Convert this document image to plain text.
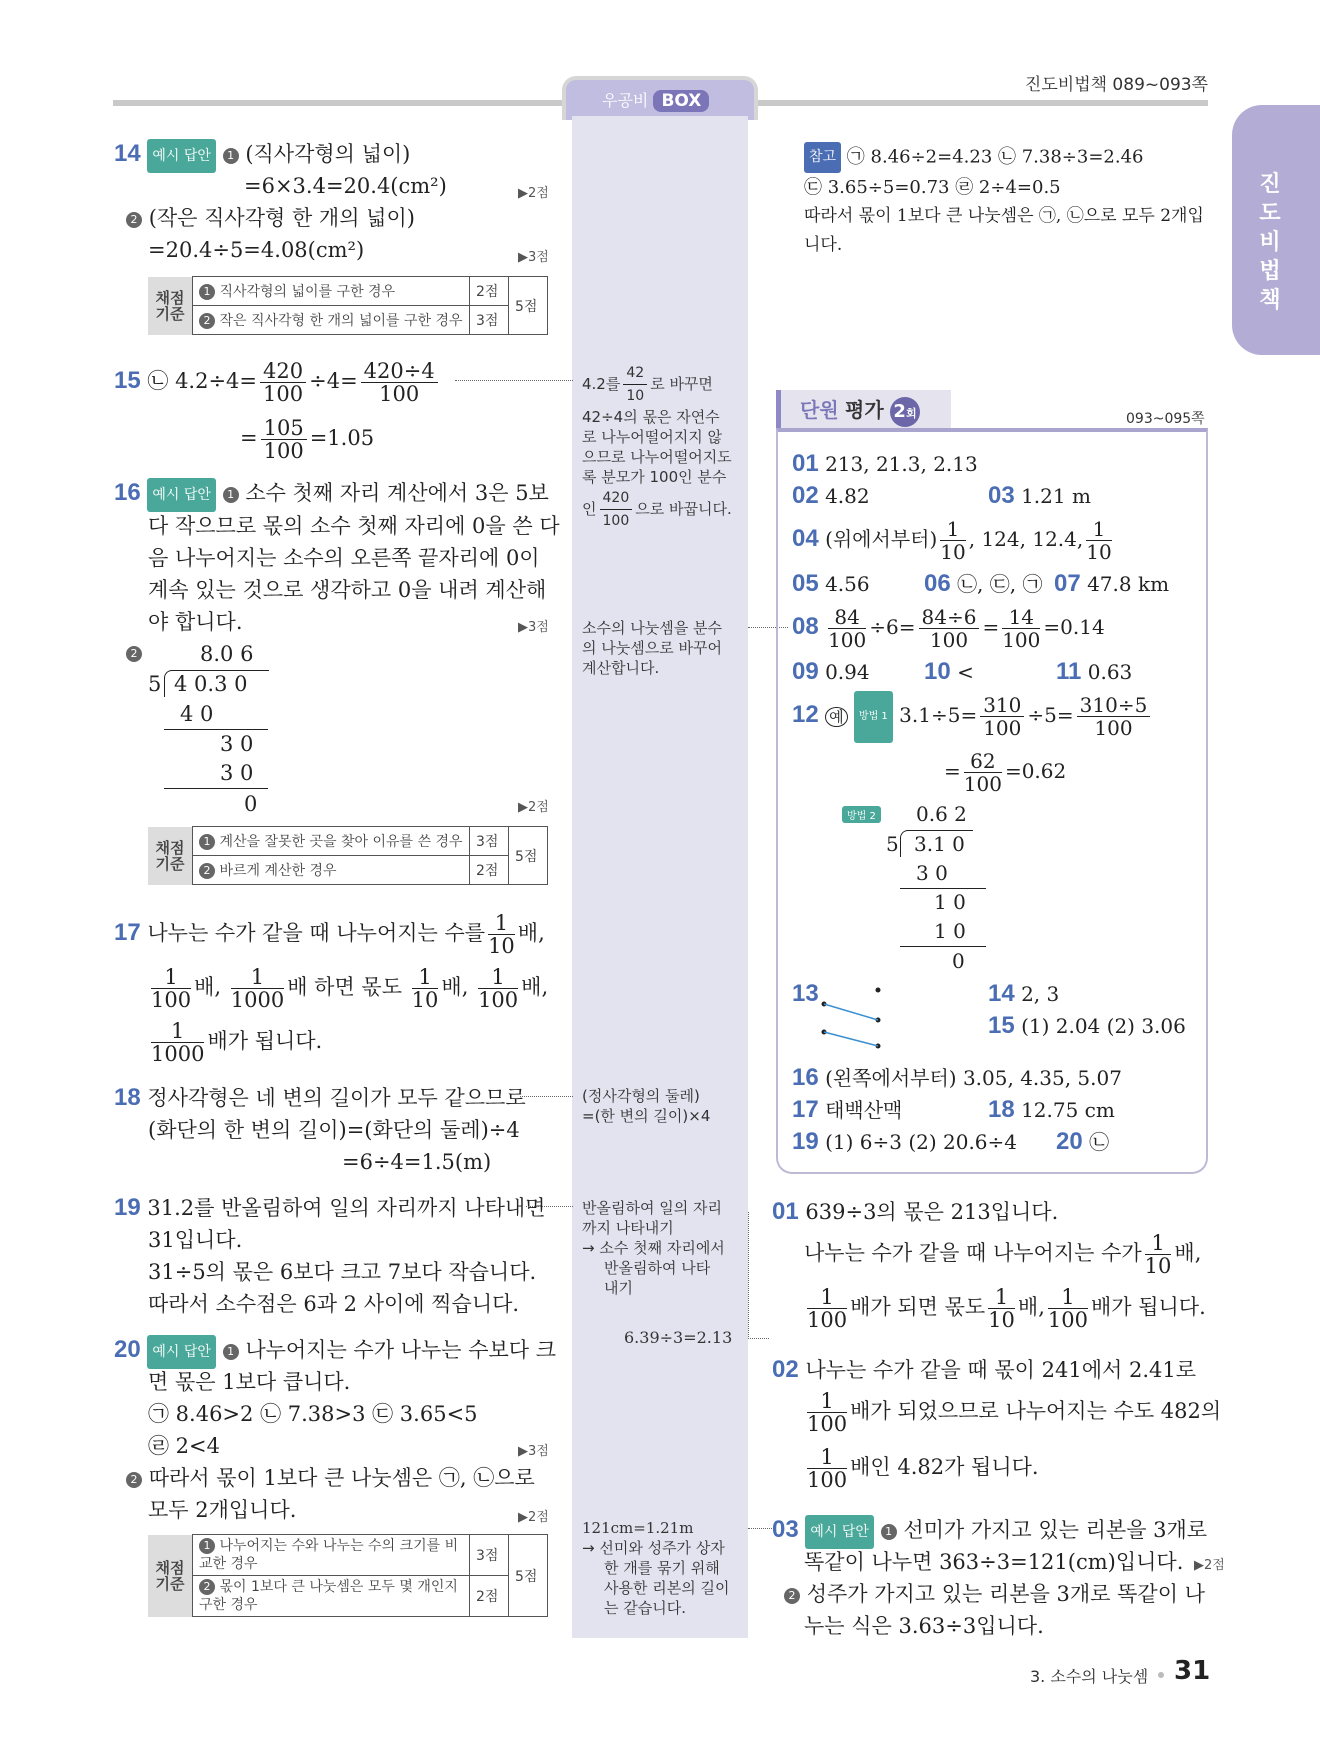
진도비법책 089~093쪽
우공비 BOX
진
도
비
법
책
14 예시 답안 1 (직사각형의 넓이)
=6×3.4=20.4(cm²)	▶2점
2 (작은 직사각형 한 개의 넓이)
=20.4÷5=4.08(cm²)	▶3점
채점
기준	1 직사각형의 넓이를 구한 경우	2점	5점
	2 작은 직사각형 한 개의 넓이를 구한 경우	3점	
15 ㉡ $4.2\div 4= \frac{420}{100} \div 4= \frac{420\div 4}{100}$
= $\frac{105}{100} =1.05$
16 예시 답안 1 소수 첫째 자리 계산에서 3은 5보
다 작으므로 몫의 소수 첫째 자리에 0을 쓴 다
음 나누어지는 소수의 오른쪽 끝자리에 0이
계속 있는 것으로 생각하고 0을 내려 계산해
야 합니다.	▶3점
2	8.0 6
5 4 0.3 0
4 0
3 0
3 0
0	▶2점
채점
기준	1 계산을 잘못한 곳을 찾아 이유를 쓴 경우	3점	5점
	2 바르게 계산한 경우	2점	
17 나누는 수가 같을 때 나누어지는 수를 $\frac{1}{10}$ 배,
$\frac{1}{100}$ 배, $\frac{1}{1000}$ 배 하면 몫도 $\frac{1}{10}$ 배, $\frac{1}{100}$ 배,
$\frac{1}{1000}$ 배가 됩니다.
18 정사각형은 네 변의 길이가 모두 같으므로
(화단의 한 변의 길이)=(화단의 둘레)÷4
=6÷4=1.5(m)
19 31.2를 반올림하여 일의 자리까지 나타내면
31입니다.
31÷5의 몫은 6보다 크고 7보다 작습니다.
따라서 소수점은 6과 2 사이에 찍습니다.
20 예시 답안 1 나누어지는 수가 나누는 수보다 크
면 몫은 1보다 큽니다.
㉠ 8.46>2 ㉡ 7.38>3 ㉢ 3.65<5
㉣ 2<4	▶3점
2 따라서 몫이 1보다 큰 나눗셈은 ㉠, ㉡으로
모두 2개입니다.	▶2점
채점
기준	1 나누어지는 수와 나누는 수의 크기를 비
교한 경우	3점	5점
	2 몫이 1보다 큰 나눗셈은 모두 몇 개인지
구한 경우	2점	
4.2를 $\frac{42}{10}$ 로 바꾸면
42÷4의 몫은 자연수
로 나누어떨어지지 않
으므로 나누어떨어지도
록 분모가 100인 분수
인 $\frac{420}{100}$ 으로 바꿉니다.
소수의 나눗셈을 분수
의 나눗셈으로 바꾸어
계산합니다.
(정사각형의 둘레)
=(한 변의 길이)×4
반올림하여 일의 자리
까지 나타내기
→ 소수 첫째 자리에서
반올림하여 나타
내기
6.39÷3=2.13
121cm=1.21m
→ 선미와 성주가 상자
한 개를 묶기 위해
사용한 리본의 길이
는 같습니다.
참고 ㉠ 8.46÷2=4.23 ㉡ 7.38÷3=2.46
㉢ 3.65÷5=0.73 ㉣ 2÷4=0.5
따라서 몫이 1보다 큰 나눗셈은 ㉠, ㉡으로 모두 2개입
니다.
단원 평가 2회	093~095쪽
01 213, 21.3, 2.13
02 4.82	03 1.21 m
04 (위에서부터) $\frac{1}{10}$ , 124, 12.4, $\frac{1}{10}$
05 4.56 06 ㉡, ㉢, ㉠ 07 47.8 km
$08 \frac{84}{100} \div 6= \frac{84\div 6}{100} = \frac{14}{100} =0.14$
09 0.94 10 <	11 0.63
12 예 방법 1 $3.1\div 5= \frac{310}{100} \div 5= \frac{310\div 5}{100}$
= $\frac{62}{100} =0.62$
방법 2 0.6 2
5 3.1 0
3 0
1 0
1 0
0
13	14 2, 3
15 (1) 2.04 (2) 3.06
16 (왼쪽에서부터) 3.05, 4.35, 5.07
17 태백산맥	18 12.75 cm
19 (1) 6÷3 (2) 20.6÷4 20 ㉡
01 639÷3의 몫은 213입니다.
나누는 수가 같을 때 나누어지는 수가 $\frac{1}{10}$ 배,
$\frac{1}{100}$ 배가 되면 몫도 $\frac{1}{10}$ 배, $\frac{1}{100}$ 배가 됩니다.
02 나누는 수가 같을 때 몫이 241에서 2.41로
$\frac{1}{100}$ 배가 되었으므로 나누어지는 수도 482의
$\frac{1}{100}$ 배인 4.82가 됩니다.
03 예시 답안 1 선미가 가지고 있는 리본을 3개로
똑같이 나누면 363÷3=121(cm)입니다. ▶2점
2 성주가 가지고 있는 리본을 3개로 똑같이 나
누는 식은 3.63÷3입니다.
3. 소수의 나눗셈 31
